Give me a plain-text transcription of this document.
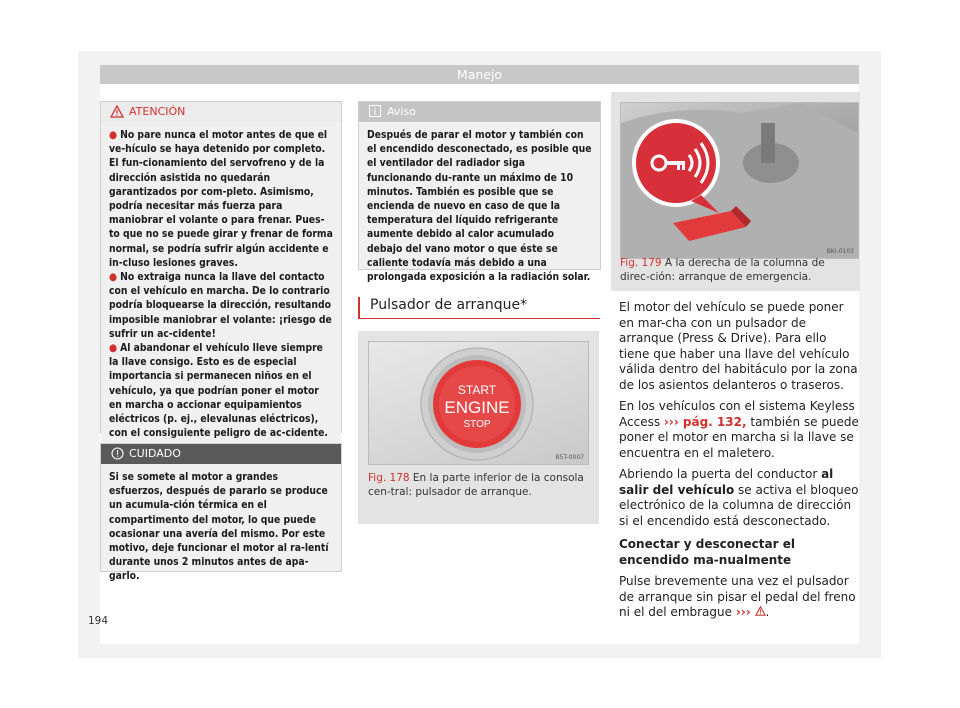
Manejo
ATENCIÓN

● No pare nunca el motor antes de que el ve-hículo se haya detenido por completo. El fun-cionamiento del servofreno y de la dirección asistida no quedarán garantizados por com-pleto. Asimismo, podría necesitar más fuerza para maniobrar el volante o para frenar. Pues-to que no se puede girar y frenar de forma normal, se podría sufrir algún accidente e in-cluso lesiones graves.

● No extraiga nunca la llave del contacto con el vehículo en marcha. De lo contrario podría bloquearse la dirección, resultando imposible maniobrar el volante: ¡riesgo de sufrir un ac-cidente!

● Al abandonar el vehículo lleve siempre la llave consigo. Esto es de especial importancia si permanecen niños en el vehículo, ya que podrían poner el motor en marcha o accionar equipamientos eléctricos (p. ej., elevalunas eléctricos), con el consiguiente peligro de ac-cidente.

CUIDADO

Si se somete al motor a grandes esfuerzos, después de pararlo se produce un acumula-ción térmica en el compartimento del motor, lo que puede ocasionar una avería del mismo. Por este motivo, deje funcionar el motor al ra-lentí durante unos 2 minutos antes de apa-garlo.

Aviso

Después de parar el motor y también con el encendido desconectado, es posible que el ventilador del radiador siga funcionando du-rante un máximo de 10 minutos. También es posible que se encienda de nuevo en caso de que la temperatura del líquido refrigerante aumente debido al calor acumulado debajo del vano motor o que éste se caliente todavía más debido a una prolongada exposición a la radiación solar.

Pulsador de arranque*
START
ENGINE
STOP
B5T-0007
Fig. 178 En la parte inferior de la consola cen-tral: pulsador de arranque.
BKI-0103
Fig. 179 A la derecha de la columna de direc-ción: arranque de emergencia.

El motor del vehículo se puede poner en mar-cha con un pulsador de arranque (Press & Drive). Para ello tiene que haber una llave del vehículo válida dentro del habitáculo por la zona de los asientos delanteros o traseros.

En los vehículos con el sistema Keyless Access ››› pág. 132, también se puede poner el motor en marcha si la llave se encuentra en el maletero.

Abriendo la puerta del conductor al salir del vehículo se activa el bloqueo electrónico de la columna de dirección si el encendido está desconectado.

Conectar y desconectar el encendido ma-nualmente

Pulse brevemente una vez el pulsador de arranque sin pisar el pedal del freno ni el del embrague ››› .

194
